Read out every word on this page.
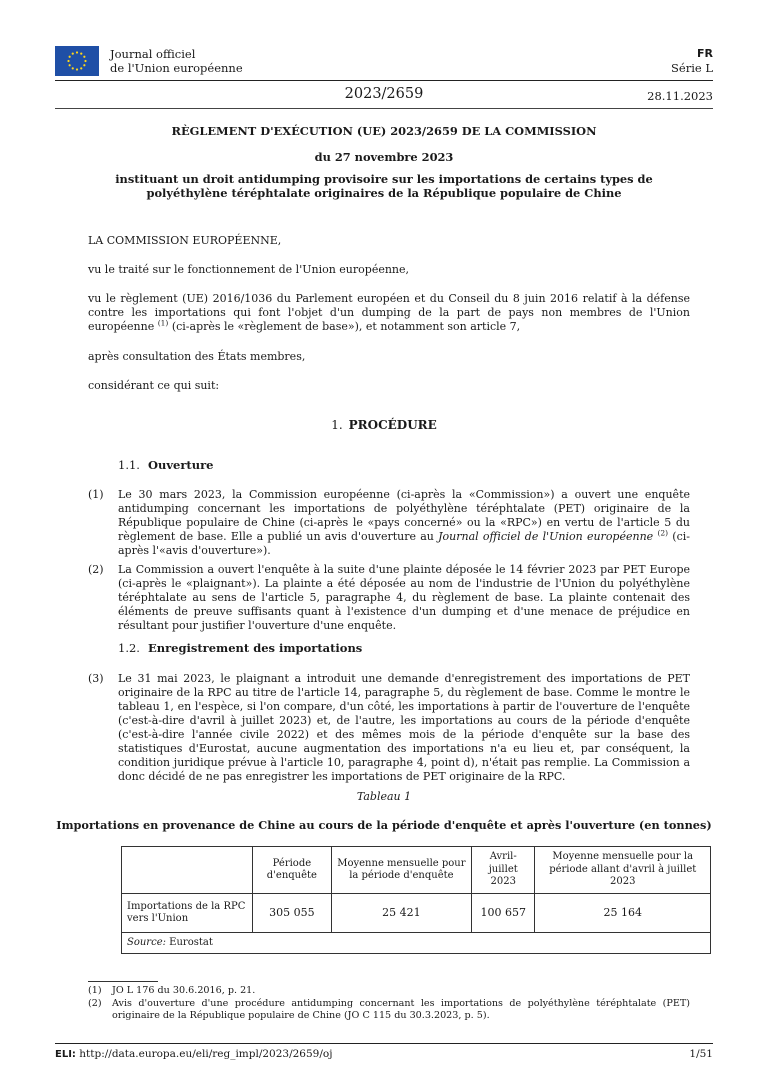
Journal officiel
de l'Union européenne
FR
Série L
2023/2659	28.11.2023
RÈGLEMENT D'EXÉCUTION (UE) 2023/2659 DE LA COMMISSION
du 27 novembre 2023
instituant un droit antidumping provisoire sur les importations de certains types de polyéthylène téréphtalate originaires de la République populaire de Chine
LA COMMISSION EUROPÉENNE,
vu le traité sur le fonctionnement de l'Union européenne,
vu le règlement (UE) 2016/1036 du Parlement européen et du Conseil du 8 juin 2016 relatif à la défense contre les importations qui font l'objet d'un dumping de la part de pays non membres de l'Union européenne $^{(1)}$ (ci-après le «règlement de base»), et notamment son article 7,
après consultation des États membres,
considérant ce qui suit:
1. PROCÉDURE
1.1. Ouverture
(1) Le 30 mars 2023, la Commission européenne (ci-après la «Commission») a ouvert une enquête antidumping concernant les importations de polyéthylène téréphtalate (PET) originaire de la République populaire de Chine (ci-après le «pays concerné» ou la «RPC») en vertu de l'article 5 du règlement de base. Elle a publié un avis d'ouverture au Journal officiel de l'Union européenne $^{(2)}$ (ci-après l'«avis d'ouverture»).
(2) La Commission a ouvert l'enquête à la suite d'une plainte déposée le 14 février 2023 par PET Europe (ci-après le «plaignant»). La plainte a été déposée au nom de l'industrie de l'Union du polyéthylène téréphtalate au sens de l'article 5, paragraphe 4, du règlement de base. La plainte contenait des éléments de preuve suffisants quant à l'existence d'un dumping et d'une menace de préjudice en résultant pour justifier l'ouverture d'une enquête.
1.2. Enregistrement des importations
(3) Le 31 mai 2023, le plaignant a introduit une demande d'enregistrement des importations de PET originaire de la RPC au titre de l'article 14, paragraphe 5, du règlement de base. Comme le montre le tableau 1, en l'espèce, si l'on compare, d'un côté, les importations à partir de l'ouverture de l'enquête (c'est-à-dire d'avril à juillet 2023) et, de l'autre, les importations au cours de la période d'enquête (c'est-à-dire l'année civile 2022) et des mêmes mois de la période d'enquête sur la base des statistiques d'Eurostat, aucune augmentation des importations n'a eu lieu et, par conséquent, la condition juridique prévue à l'article 10, paragraphe 4, point d), n'était pas remplie. La Commission a donc décidé de ne pas enregistrer les importations de PET originaire de la RPC.
Tableau 1
Importations en provenance de Chine au cours de la période d'enquête et après l'ouverture (en tonnes)
	Période d'enquête	Moyenne mensuelle pour la période d'enquête	Avril-juillet 2023	Moyenne mensuelle pour la période allant d'avril à juillet 2023
Importations de la RPC vers l'Union	305 055	25 421	100 657	25 164
Source: Eurostat				
(1) JO L 176 du 30.6.2016, p. 21.
(2) Avis d'ouverture d'une procédure antidumping concernant les importations de polyéthylène téréphtalate (PET) originaire de la République populaire de Chine (JO C 115 du 30.3.2023, p. 5).
ELI: http://data.europa.eu/eli/reg_impl/2023/2659/oj	1/51
